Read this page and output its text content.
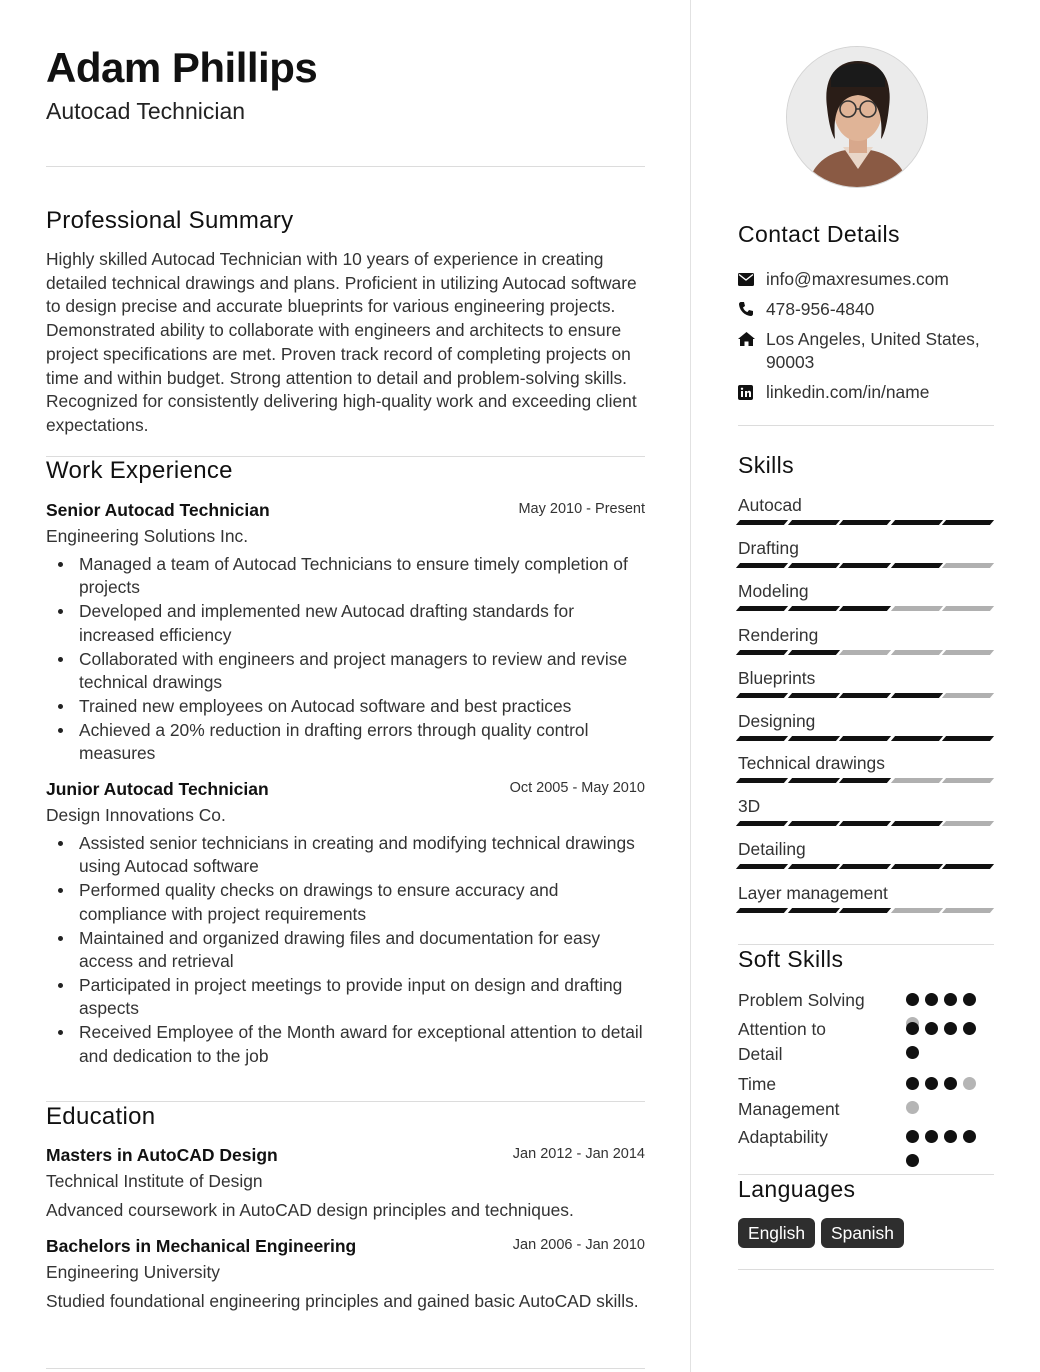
Adam Phillips
Autocad Technician
Professional Summary
Highly skilled Autocad Technician with 10 years of experience in creating detailed technical drawings and plans. Proficient in utilizing Autocad software to design precise and accurate blueprints for various engineering projects. Demonstrated ability to collaborate with engineers and architects to ensure project specifications are met. Proven track record of completing projects on time and within budget. Strong attention to detail and problem-solving skills. Recognized for consistently delivering high-quality work and exceeding client expectations.
Work Experience
Senior Autocad Technician	May 2010 - Present
Engineering Solutions Inc.
Managed a team of Autocad Technicians to ensure timely completion of projects
Developed and implemented new Autocad drafting standards for increased efficiency
Collaborated with engineers and project managers to review and revise technical drawings
Trained new employees on Autocad software and best practices
Achieved a 20% reduction in drafting errors through quality control measures
Junior Autocad Technician	Oct 2005 - May 2010
Design Innovations Co.
Assisted senior technicians in creating and modifying technical drawings using Autocad software
Performed quality checks on drawings to ensure accuracy and compliance with project requirements
Maintained and organized drawing files and documentation for easy access and retrieval
Participated in project meetings to provide input on design and drafting aspects
Received Employee of the Month award for exceptional attention to detail and dedication to the job
Education
Masters in AutoCAD Design	Jan 2012 - Jan 2014
Technical Institute of Design
Advanced coursework in AutoCAD design principles and techniques.
Bachelors in Mechanical Engineering	Jan 2006 - Jan 2010
Engineering University
Studied foundational engineering principles and gained basic AutoCAD skills.
Contact Details
info@maxresumes.com
478-956-4840
Los Angeles, United States, 90003
linkedin.com/in/name
Skills
Autocad
Drafting
Modeling
Rendering
Blueprints
Designing
Technical drawings
3D
Detailing
Layer management
Soft Skills
Problem Solving
Attention to Detail
Time Management
Adaptability
Languages
English	Spanish
